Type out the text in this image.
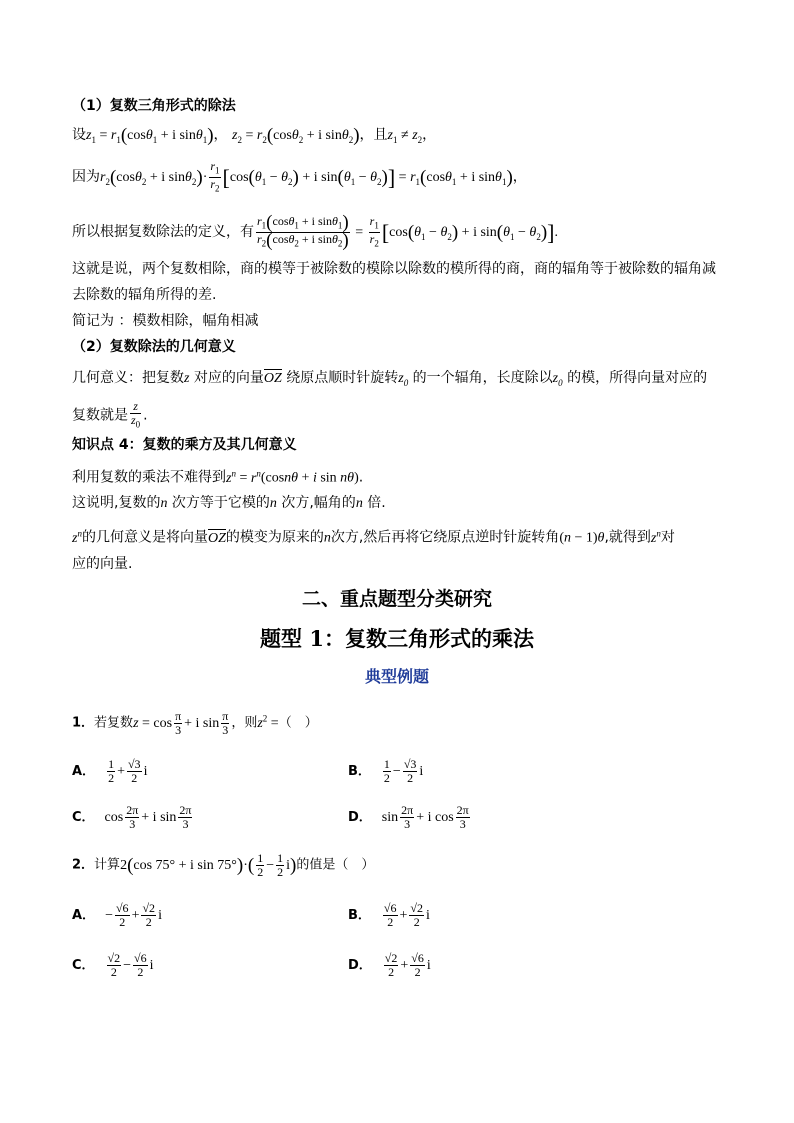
（1）复数三角形式的除法
设$z_1 = r_1(\cos\theta_1 + i$ sinθ$_1$)， $z_2 = r_2(\cos\theta_2 + i$ sinθ$_2$)，且$z_1 \ne z_2$，
因为$r_2(\cos\theta_2 + i$ $\sin\theta_2)\cdot \frac{r_1}{r_2} [\cos(\theta_1 - \theta_2) + i$ $\sin(\theta_1 - \theta_2)] = r_1(\cos\theta_1 + i$ sinθ$_1$)，
所以根据复数除法的定义，有 $\frac{r_1(\cos\theta_1 + i \sin\theta_1)}{r_2(\cos\theta_2 + i \sin\theta_2)} = \frac{r_1}{r_2} [\cos(\theta_1 - \theta_2) + i$ $\sin(\theta_1 - \theta_2)$].
这就是说，两个复数相除，商的模等于被除数的模除以除数的模所得的商，商的辐角等于被除数的辐角减
去除数的辐角所得的差.
简记为 ：模数相除，幅角相减
（2）复数除法的几何意义
几何意义：把复数z 对应的向量OZ 绕原点顺时针旋转$z_0$ 的一个辐角，长度除以$z_0$ 的模，所得向量对应的
复数就是 $\frac{z}{z_0}$ .
知识点 4：复数的乘方及其几何意义
利用复数的乘法不难得到$z^n = r^n(\cos n\theta + i$ sin nθ).
这说明,复数的n 次方等于它模的n 次方,幅角的n 倍.
$z^n$的几何意义是将向量OZ的模变为原来的n次方,然后再将它绕原点逆时针旋转角(n − 1)θ,就得到$z^n$对
应的向量.
二、重点题型分类研究
题型 1：复数三角形式的乘法
典型例题
1．若复数$z = \cos \frac{\pi}{3} + i$ $\sin \frac{\pi}{3}$ ，则$z^2$ =（　）
A． $\frac{1}{2} + \frac{√3}{2}$ i	B． $\frac{1}{2} - \frac{√3}{2}$ i
C． $\cos \frac{2\pi}{3} + i$ $\sin \frac{2\pi}{3}$	D． $\sin \frac{2\pi}{3} + i$ $\cos \frac{2\pi}{3}$
2．计算2(cos 75° + i $\sin 75^\circ)\cdot( \frac{1}{2} - \frac{1}{2} i)$的值是（　）
A． − $\frac{√6}{2} + \frac{√2}{2}$ i	B． $\frac{√6}{2} + \frac{√2}{2}$ i
C． $\frac{√2}{2} - \frac{√6}{2}$ i	D． $\frac{√2}{2} + \frac{√6}{2}$ i
